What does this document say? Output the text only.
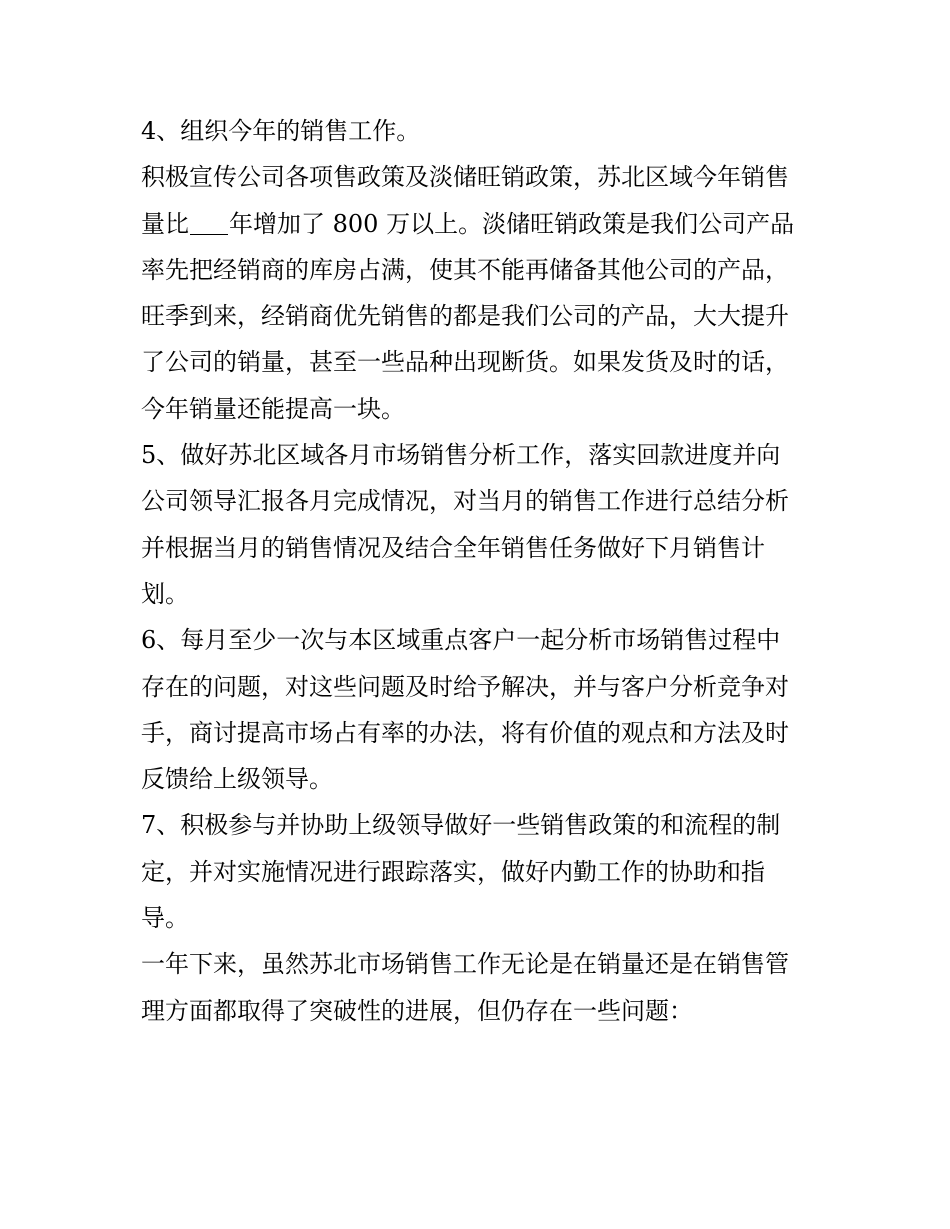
4、组织今年的销售工作。

积极宣传公司各项售政策及淡储旺销政策，苏北区域今年销售
量比 年增加了 800 万以上。淡储旺销政策是我们公司产品
率先把经销商的库房占满，使其不能再储备其他公司的产品，
旺季到来，经销商优先销售的都是我们公司的产品，大大提升
了公司的销量，甚至一些品种出现断货。如果发货及时的话，
今年销量还能提高一块。

5、做好苏北区域各月市场销售分析工作，落实回款进度并向
公司领导汇报各月完成情况，对当月的销售工作进行总结分析
并根据当月的销售情况及结合全年销售任务做好下月销售计
划。

6、每月至少一次与本区域重点客户一起分析市场销售过程中
存在的问题，对这些问题及时给予解决，并与客户分析竞争对
手，商讨提高市场占有率的办法，将有价值的观点和方法及时
反馈给上级领导。

7、积极参与并协助上级领导做好一些销售政策的和流程的制
定，并对实施情况进行跟踪落实，做好内勤工作的协助和指
导。

一年下来，虽然苏北市场销售工作无论是在销量还是在销售管
理方面都取得了突破性的进展，但仍存在一些问题：
